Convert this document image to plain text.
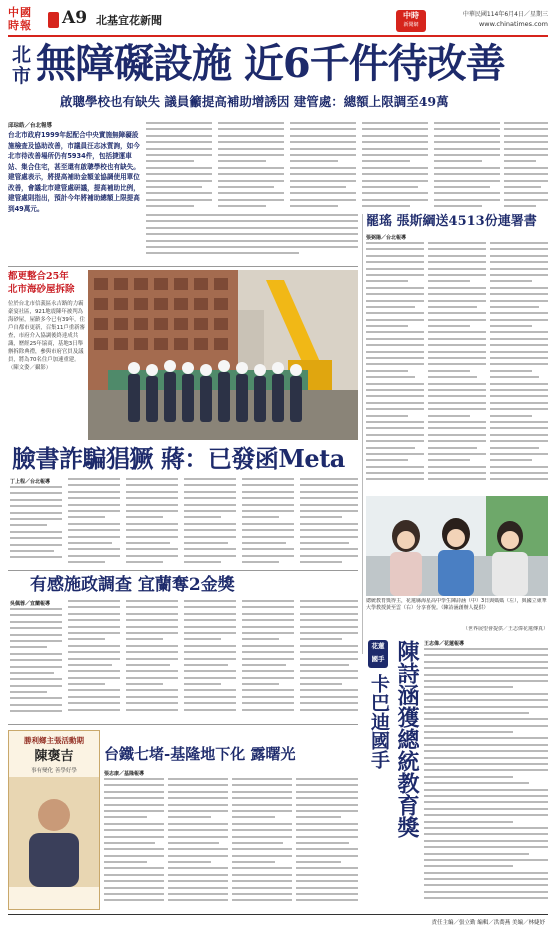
中國時報	A9 北基宜花新聞	中時
新聞網
中華民國114年6月4日／星期三
www.chinatimes.com
北
市 無障礙設施 近6千件待改善
啟聰學校也有缺失 議員籲提高補助增誘因 建管處：總額上限調至49萬
邱琮皓／台北報導
台北市政府1999年起配合中央實施無障礙設施檢查及協助改善，市議員汪志冰質詢，如今北市待改善場所仍有5934件，包括捷運車站、集合住宅，甚至還有啟聰學校也有缺失。建管處表示，將提高補助金額並協調使用單位改善，會議北市建管處研議，提高補助比例，建管處則指出，預計今年將補助總額上限提高到49萬元。
都更整合25年
北市海砂屋拆除
位於台北市信義區永吉路的力霸豪宴社區，921地震陳年被判為海砂屋，屋齡多今已有39年，住戶自都市更新，召集11戶重新審查，市府介入協調後終達成共識，歷經25年協商，基地3日舉辦拆除典禮，參與市府官員及議員，將為70名住戶加速重建。（陳文姿／攝影）
罷瑤 張斯綱送4513份連署書
張弼陽／台北報導
臉書詐騙猖獗 蔣：已發函Meta
丁上程／台北報導
總統教育獎得主，花蓮縣海星高中學生陳詩涵（中）3日與媽媽（左），與國立東華大學教授黃至雲（右）分享喜悅。（陳詩涵創辦人提供）
（世界展望會提供／王志偉花蓮傳真）
有感施政調查 宜蘭奪2金獎
吳佩蓉／宜蘭報導
勝利鄉主張活動期
陳褒吉
事有變化 善學好學
台鐵七堵-基隆地下化 露曙光
張志康／基隆報導
花蓮
國手
卡巴迪國手 陳詩涵獲總統教育獎 王志偉／花蓮報導
責任主編／張立勤 編輯／洪喬燕 美編／林婕妤
